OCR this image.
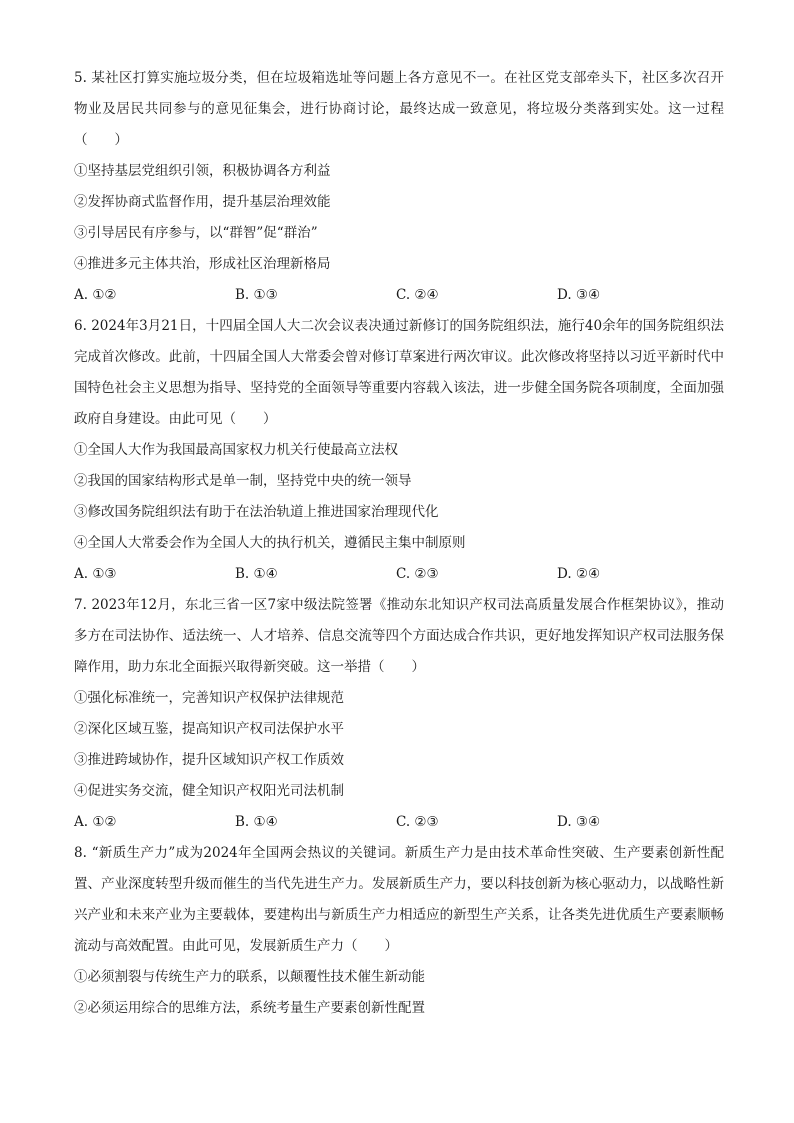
5. 某社区打算实施垃圾分类，但在垃圾箱选址等问题上各方意见不一。在社区党支部牵头下，社区多次召开物业及居民共同参与的意见征集会，进行协商讨论，最终达成一致意见，将垃圾分类落到实处。这一过程（　　）

①坚持基层党组织引领，积极协调各方利益

②发挥协商式监督作用，提升基层治理效能

③引导居民有序参与，以“群智”促“群治”

④推进多元主体共治，形成社区治理新格局

A. ①②	B. ①③	C. ②④	D. ③④

6. 2024年3月21日，十四届全国人大二次会议表决通过新修订的国务院组织法，施行40余年的国务院组织法完成首次修改。此前，十四届全国人大常委会曾对修订草案进行两次审议。此次修改将坚持以习近平新时代中国特色社会主义思想为指导、坚持党的全面领导等重要内容载入该法，进一步健全国务院各项制度，全面加强政府自身建设。由此可见（　　）

①全国人大作为我国最高国家权力机关行使最高立法权

②我国的国家结构形式是单一制，坚持党中央的统一领导

③修改国务院组织法有助于在法治轨道上推进国家治理现代化

④全国人大常委会作为全国人大的执行机关，遵循民主集中制原则

A. ①③	B. ①④	C. ②③	D. ②④

7. 2023年12月，东北三省一区7家中级法院签署《推动东北知识产权司法高质量发展合作框架协议》，推动多方在司法协作、适法统一、人才培养、信息交流等四个方面达成合作共识，更好地发挥知识产权司法服务保障作用，助力东北全面振兴取得新突破。这一举措（　　）

①强化标准统一，完善知识产权保护法律规范

②深化区域互鉴，提高知识产权司法保护水平

③推进跨域协作，提升区域知识产权工作质效

④促进实务交流，健全知识产权阳光司法机制

A. ①②	B. ①④	C. ②③	D. ③④

8. “新质生产力”成为2024年全国两会热议的关键词。新质生产力是由技术革命性突破、生产要素创新性配置、产业深度转型升级而催生的当代先进生产力。发展新质生产力，要以科技创新为核心驱动力，以战略性新兴产业和未来产业为主要载体，要建构出与新质生产力相适应的新型生产关系，让各类先进优质生产要素顺畅流动与高效配置。由此可见，发展新质生产力（　　）

①必须割裂与传统生产力的联系，以颠覆性技术催生新动能

②必须运用综合的思维方法，系统考量生产要素创新性配置
